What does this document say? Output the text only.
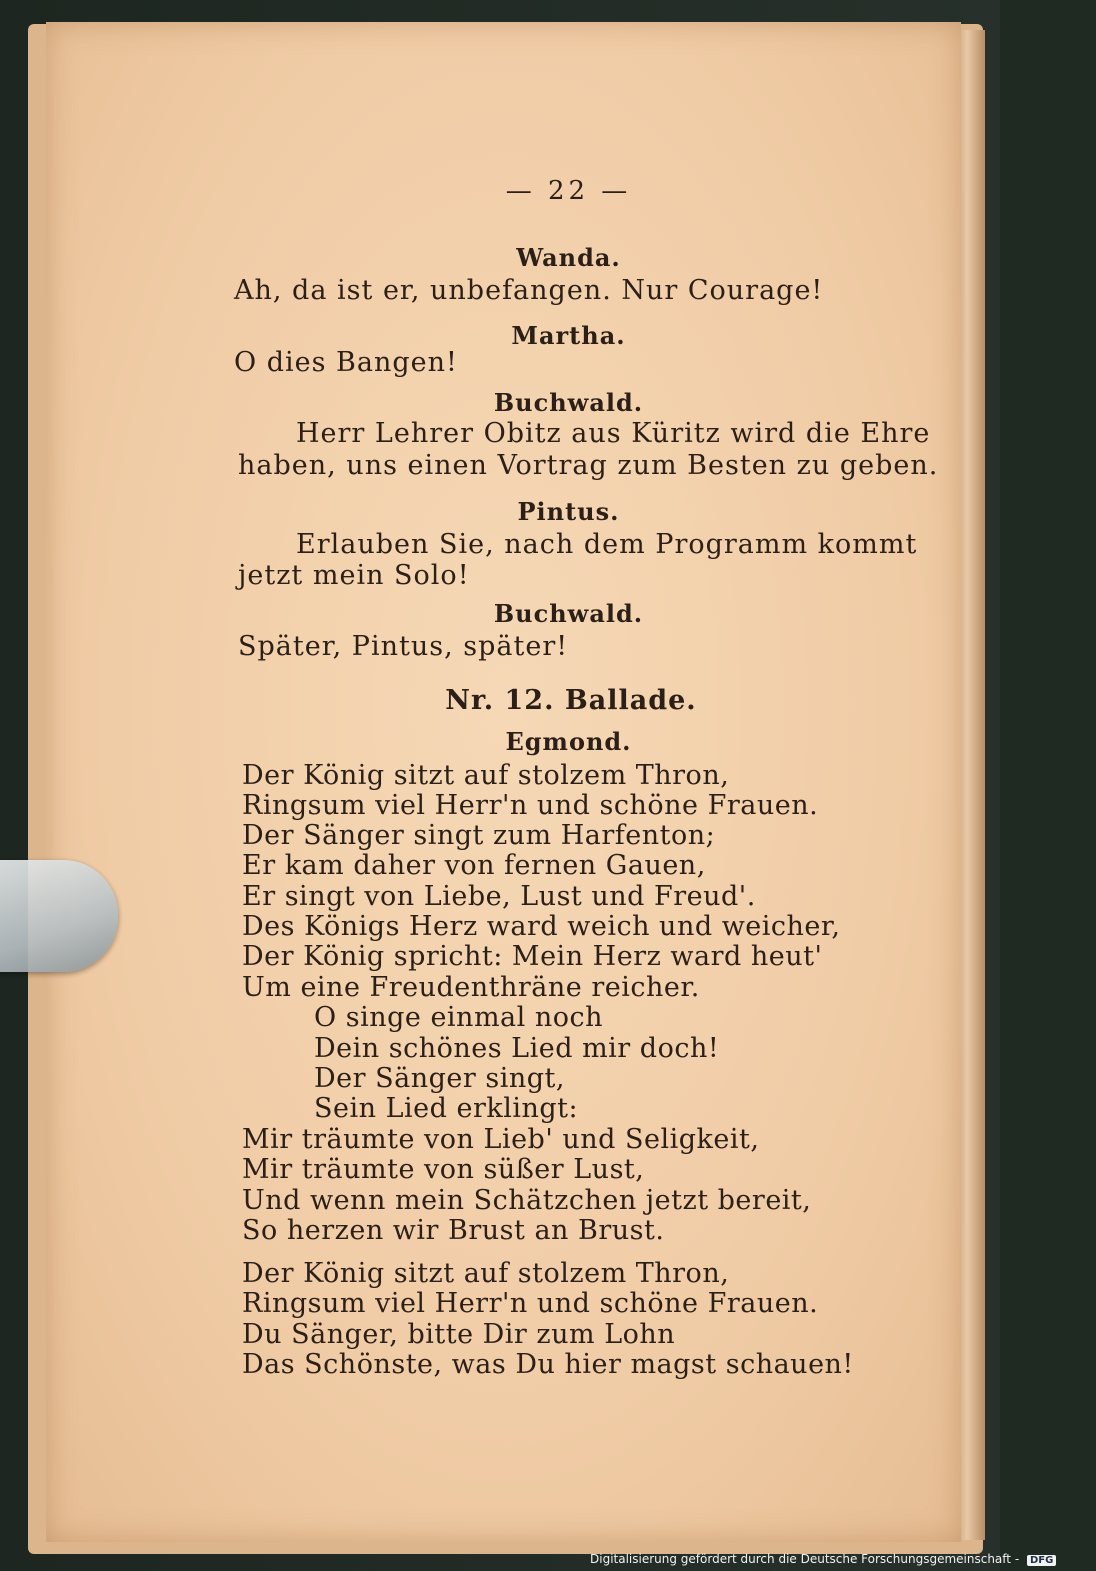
— 22 —
Wanda.
Ah, da ist er, unbefangen. Nur Courage!
Martha.
O dies Bangen!
Buchwald.
Herr Lehrer Obitz aus Küritz wird die Ehre
haben, uns einen Vortrag zum Besten zu geben.
Pintus.
Erlauben Sie, nach dem Programm kommt
jetzt mein Solo!
Buchwald.
Später, Pintus, später!
Nr. 12. Ballade.
Egmond.
Der König sitzt auf stolzem Thron,
Ringsum viel Herr'n und schöne Frauen.
Der Sänger singt zum Harfenton;
Er kam daher von fernen Gauen,
Er singt von Liebe, Lust und Freud'.
Des Königs Herz ward weich und weicher,
Der König spricht: Mein Herz ward heut'
Um eine Freudenthräne reicher.
O singe einmal noch
Dein schönes Lied mir doch!
Der Sänger singt,
Sein Lied erklingt:
Mir träumte von Lieb' und Seligkeit,
Mir träumte von süßer Lust,
Und wenn mein Schätzchen jetzt bereit,
So herzen wir Brust an Brust.
Der König sitzt auf stolzem Thron,
Ringsum viel Herr'n und schöne Frauen.
Du Sänger, bitte Dir zum Lohn
Das Schönste, was Du hier magst schauen!
Digitalisierung gefördert durch die Deutsche Forschungsgemeinschaft - DFG
